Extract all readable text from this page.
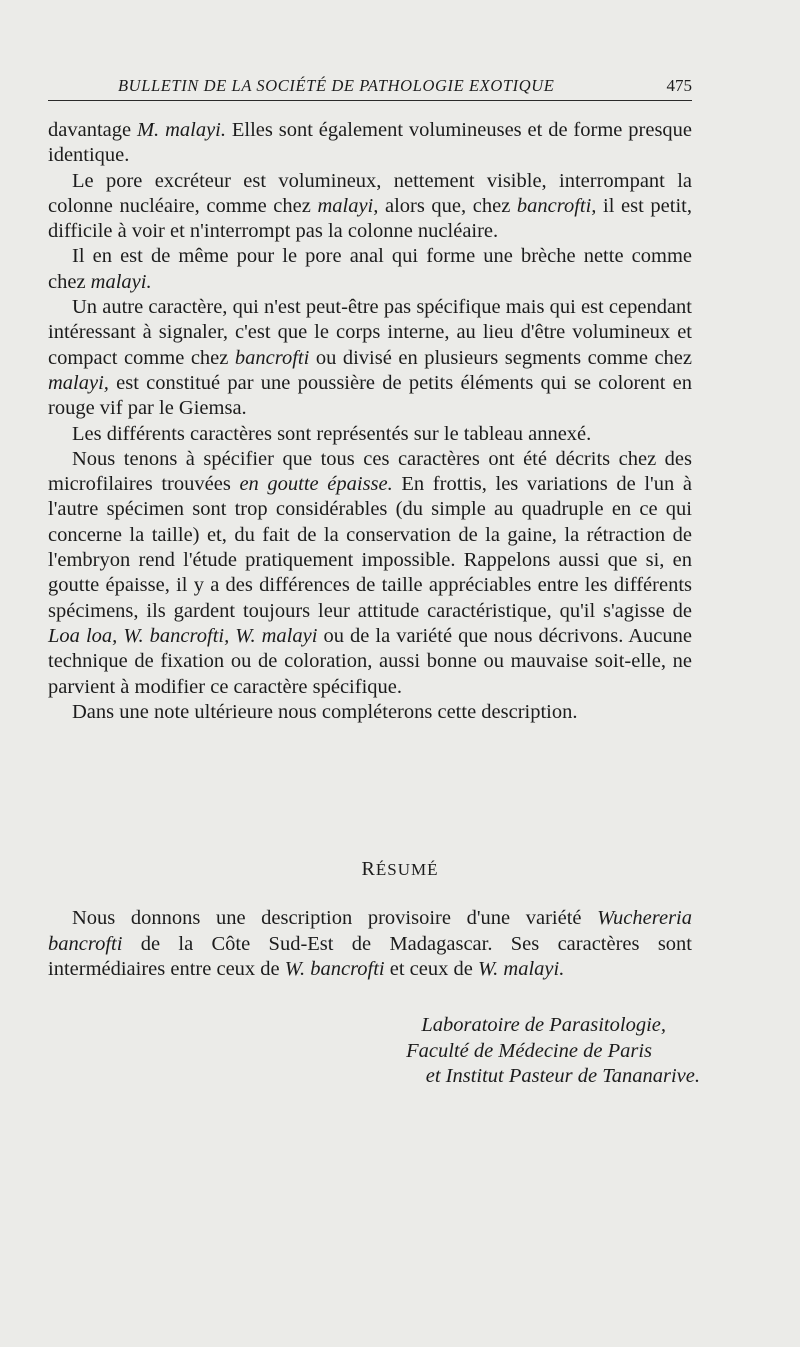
BULLETIN DE LA SOCIÉTÉ DE PATHOLOGIE EXOTIQUE	475

davantage M. malayi. Elles sont également volumineuses et de forme presque identique.

Le pore excréteur est volumineux, nettement visible, interrompant la colonne nucléaire, comme chez malayi, alors que, chez bancrofti, il est petit, difficile à voir et n'interrompt pas la colonne nucléaire.

Il en est de même pour le pore anal qui forme une brèche nette comme chez malayi.

Un autre caractère, qui n'est peut-être pas spécifique mais qui est cependant intéressant à signaler, c'est que le corps interne, au lieu d'être volumineux et compact comme chez bancrofti ou divisé en plusieurs segments comme chez malayi, est constitué par une poussière de petits éléments qui se colorent en rouge vif par le Giemsa.

Les différents caractères sont représentés sur le tableau annexé.

Nous tenons à spécifier que tous ces caractères ont été décrits chez des microfilaires trouvées en goutte épaisse. En frottis, les variations de l'un à l'autre spécimen sont trop considérables (du simple au quadruple en ce qui concerne la taille) et, du fait de la conservation de la gaine, la rétraction de l'embryon rend l'étude pratiquement impossible. Rappelons aussi que si, en goutte épaisse, il y a des différences de taille appréciables entre les différents spécimens, ils gardent toujours leur attitude caractéristique, qu'il s'agisse de Loa loa, W. bancrofti, W. malayi ou de la variété que nous décrivons. Aucune technique de fixation ou de coloration, aussi bonne ou mauvaise soit-elle, ne parvient à modifier ce caractère spécifique.

Dans une note ultérieure nous compléterons cette description.

RÉSUMÉ

Nous donnons une description provisoire d'une variété Wuchereria bancrofti de la Côte Sud-Est de Madagascar. Ses caractères sont intermédiaires entre ceux de W. bancrofti et ceux de W. malayi.

Laboratoire de Parasitologie,
Faculté de Médecine de Paris
et Institut Pasteur de Tananarive.
